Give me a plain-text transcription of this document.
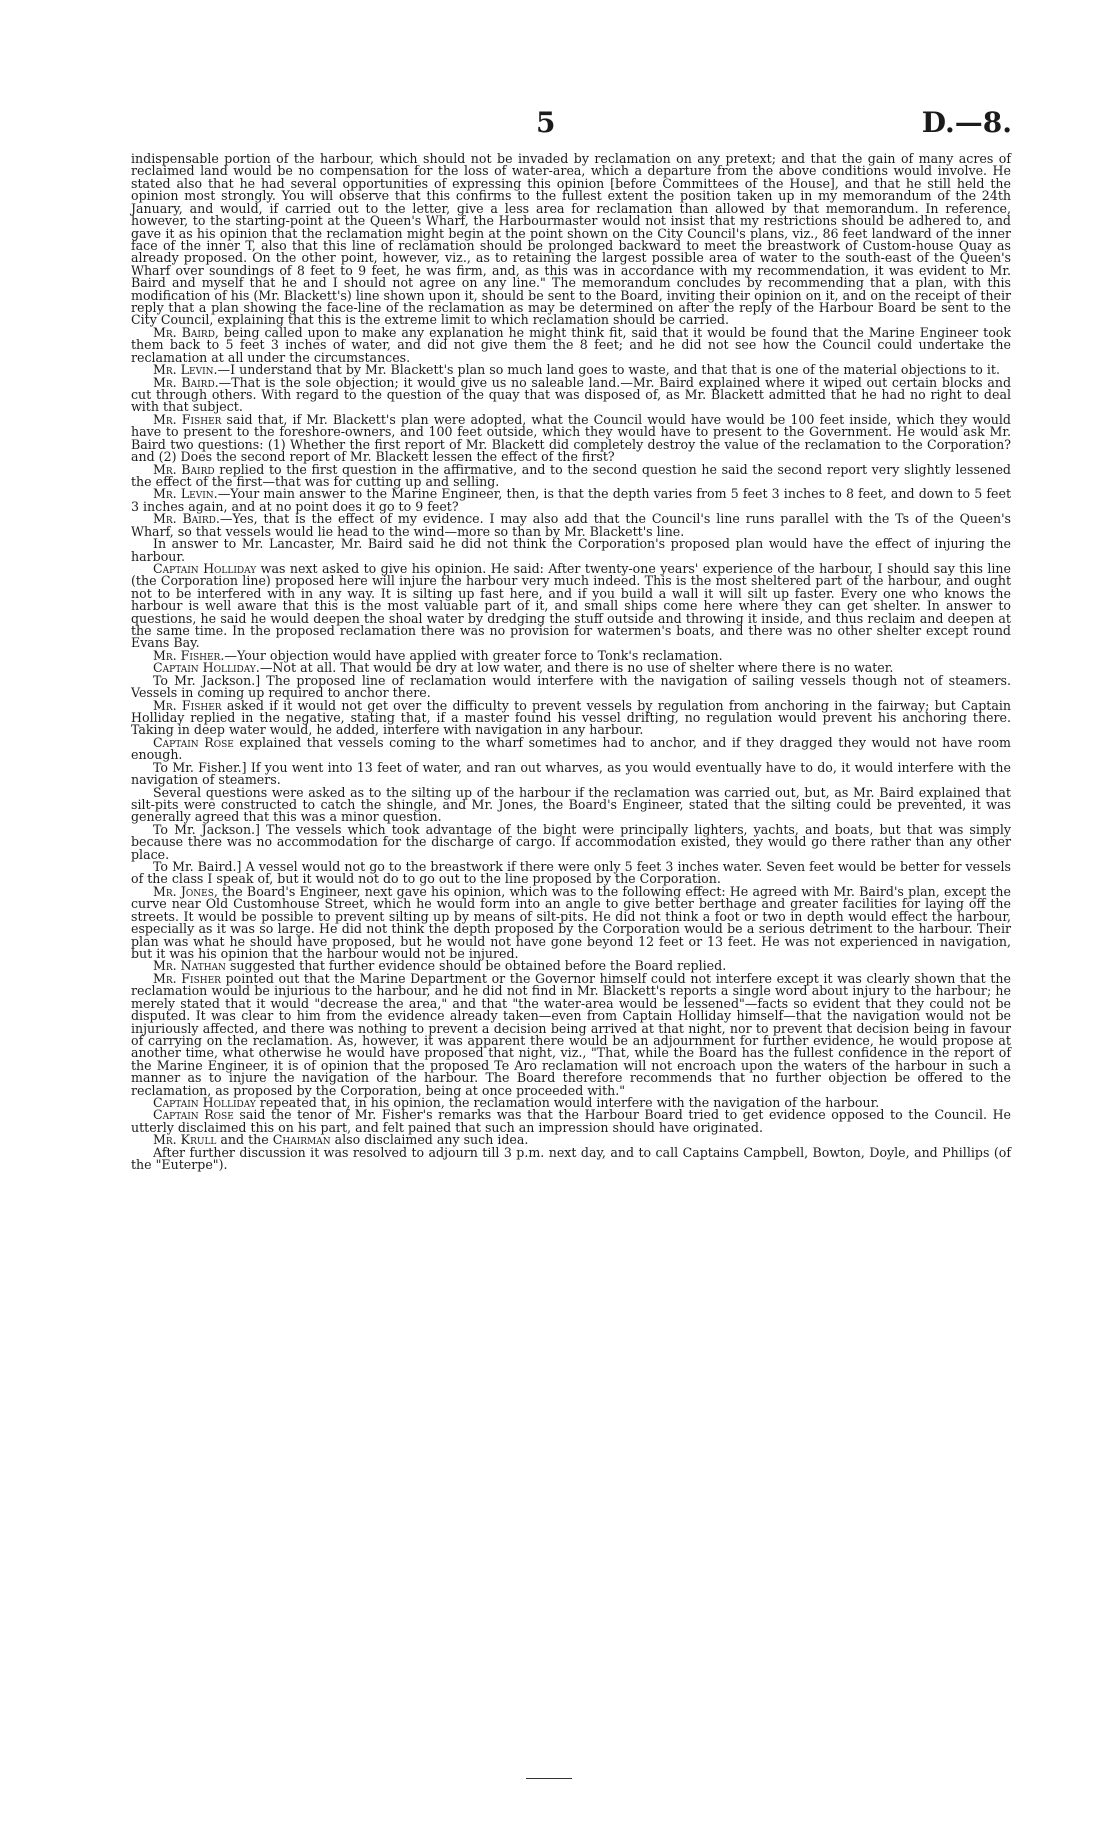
5	D.—8.

indispensable portion of the harbour, which should not be invaded by reclamation on any pretext; and that the gain of many acres of reclaimed land would be no compensation for the loss of water-area, which a departure from the above conditions would involve. He stated also that he had several opportunities of expressing this opinion [before Committees of the House], and that he still held the opinion most strongly. You will observe that this confirms to the fullest extent the position taken up in my memorandum of the 24th January, and would, if carried out to the letter, give a less area for reclamation than allowed by that memorandum. In reference, however, to the starting-point at the Queen's Wharf, the Harbourmaster would not insist that my restrictions should be adhered to, and gave it as his opinion that the reclamation might begin at the point shown on the City Council's plans, viz., 86 feet landward of the inner face of the inner T, also that this line of reclamation should be prolonged backward to meet the breastwork of Custom-house Quay as already proposed. On the other point, however, viz., as to retaining the largest possible area of water to the south-east of the Queen's Wharf over soundings of 8 feet to 9 feet, he was firm, and, as this was in accordance with my recommendation, it was evident to Mr. Baird and myself that he and I should not agree on any line." The memorandum concludes by recommending that a plan, with this modification of his (Mr. Blackett's) line shown upon it, should be sent to the Board, inviting their opinion on it, and on the receipt of their reply that a plan showing the face-line of the reclamation as may be determined on after the reply of the Harbour Board be sent to the City Council, explaining that this is the extreme limit to which reclamation should be carried.

Mr. Baird, being called upon to make any explanation he might think fit, said that it would be found that the Marine Engineer took them back to 5 feet 3 inches of water, and did not give them the 8 feet; and he did not see how the Council could undertake the reclamation at all under the circumstances.

Mr. Levin.—I understand that by Mr. Blackett's plan so much land goes to waste, and that that is one of the material objections to it.

Mr. Baird.—That is the sole objection; it would give us no saleable land.—Mr. Baird explained where it wiped out certain blocks and cut through others. With regard to the question of the quay that was disposed of, as Mr. Blackett admitted that he had no right to deal with that subject.

Mr. Fisher said that, if Mr. Blackett's plan were adopted, what the Council would have would be 100 feet inside, which they would have to present to the foreshore-owners, and 100 feet outside, which they would have to present to the Government. He would ask Mr. Baird two questions: (1) Whether the first report of Mr. Blackett did completely destroy the value of the reclamation to the Corporation? and (2) Does the second report of Mr. Blackett lessen the effect of the first?

Mr. Baird replied to the first question in the affirmative, and to the second question he said the second report very slightly lessened the effect of the first—that was for cutting up and selling.

Mr. Levin.—Your main answer to the Marine Engineer, then, is that the depth varies from 5 feet 3 inches to 8 feet, and down to 5 feet 3 inches again, and at no point does it go to 9 feet?

Mr. Baird.—Yes, that is the effect of my evidence. I may also add that the Council's line runs parallel with the Ts of the Queen's Wharf, so that vessels would lie head to the wind—more so than by Mr. Blackett's line.

In answer to Mr. Lancaster, Mr. Baird said he did not think the Corporation's proposed plan would have the effect of injuring the harbour.

Captain Holliday was next asked to give his opinion. He said: After twenty-one years' experience of the harbour, I should say this line (the Corporation line) proposed here will injure the harbour very much indeed. This is the most sheltered part of the harbour, and ought not to be interfered with in any way. It is silting up fast here, and if you build a wall it will silt up faster. Every one who knows the harbour is well aware that this is the most valuable part of it, and small ships come here where they can get shelter. In answer to questions, he said he would deepen the shoal water by dredging the stuff outside and throwing it inside, and thus reclaim and deepen at the same time. In the proposed reclamation there was no provision for watermen's boats, and there was no other shelter except round Evans Bay.

Mr. Fisher.—Your objection would have applied with greater force to Tonk's reclamation.

Captain Holliday.—Not at all. That would be dry at low water, and there is no use of shelter where there is no water.

To Mr. Jackson.] The proposed line of reclamation would interfere with the navigation of sailing vessels though not of steamers. Vessels in coming up required to anchor there.

Mr. Fisher asked if it would not get over the difficulty to prevent vessels by regulation from anchoring in the fairway; but Captain Holliday replied in the negative, stating that, if a master found his vessel drifting, no regulation would prevent his anchoring there. Taking in deep water would, he added, interfere with navigation in any harbour.

Captain Rose explained that vessels coming to the wharf sometimes had to anchor, and if they dragged they would not have room enough.

To Mr. Fisher.] If you went into 13 feet of water, and ran out wharves, as you would eventually have to do, it would interfere with the navigation of steamers.

Several questions were asked as to the silting up of the harbour if the reclamation was carried out, but, as Mr. Baird explained that silt-pits were constructed to catch the shingle, and Mr. Jones, the Board's Engineer, stated that the silting could be prevented, it was generally agreed that this was a minor question.

To Mr. Jackson.] The vessels which took advantage of the bight were principally lighters, yachts, and boats, but that was simply because there was no accommodation for the discharge of cargo. If accommodation existed, they would go there rather than any other place.

To Mr. Baird.] A vessel would not go to the breastwork if there were only 5 feet 3 inches water. Seven feet would be better for vessels of the class I speak of, but it would not do to go out to the line proposed by the Corporation.

Mr. Jones, the Board's Engineer, next gave his opinion, which was to the following effect: He agreed with Mr. Baird's plan, except the curve near Old Customhouse Street, which he would form into an angle to give better berthage and greater facilities for laying off the streets. It would be possible to prevent silting up by means of silt-pits. He did not think a foot or two in depth would effect the harbour, especially as it was so large. He did not think the depth proposed by the Corporation would be a serious detriment to the harbour. Their plan was what he should have proposed, but he would not have gone beyond 12 feet or 13 feet. He was not experienced in navigation, but it was his opinion that the harbour would not be injured.

Mr. Nathan suggested that further evidence should be obtained before the Board replied.

Mr. Fisher pointed out that the Marine Department or the Governor himself could not interfere except it was clearly shown that the reclamation would be injurious to the harbour, and he did not find in Mr. Blackett's reports a single word about injury to the harbour; he merely stated that it would "decrease the area," and that "the water-area would be lessened"—facts so evident that they could not be disputed. It was clear to him from the evidence already taken—even from Captain Holliday himself—that the navigation would not be injuriously affected, and there was nothing to prevent a decision being arrived at that night, nor to prevent that decision being in favour of carrying on the reclamation. As, however, it was apparent there would be an adjournment for further evidence, he would propose at another time, what otherwise he would have proposed that night, viz., "That, while the Board has the fullest confidence in the report of the Marine Engineer, it is of opinion that the proposed Te Aro reclamation will not encroach upon the waters of the harbour in such a manner as to injure the navigation of the harbour. The Board therefore recommends that no further objection be offered to the reclamation, as proposed by the Corporation, being at once proceeded with."

Captain Holliday repeated that, in his opinion, the reclamation would interfere with the navigation of the harbour.

Captain Rose said the tenor of Mr. Fisher's remarks was that the Harbour Board tried to get evidence opposed to the Council. He utterly disclaimed this on his part, and felt pained that such an impression should have originated.

Mr. Krull and the Chairman also disclaimed any such idea.

After further discussion it was resolved to adjourn till 3 p.m. next day, and to call Captains Campbell, Bowton, Doyle, and Phillips (of the "Euterpe").
